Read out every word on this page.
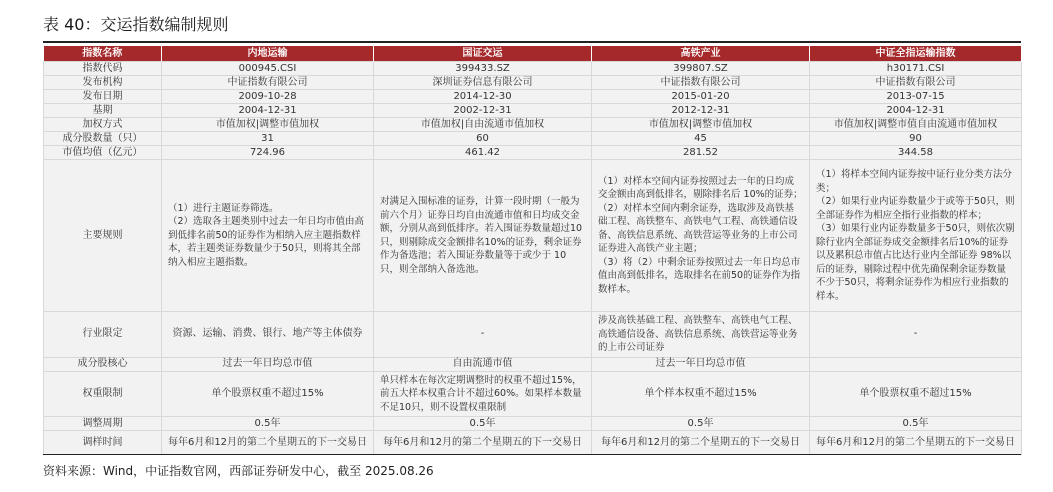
表 40：交运指数编制规则
指数名称	内地运输	国证交运	高铁产业	中证全指运输指数
指数代码	000945.CSI	399433.SZ	399807.SZ	h30171.CSI
发布机构	中证指数有限公司	深圳证券信息有限公司	中证指数有限公司	中证指数有限公司
发布日期	2009-10-28	2014-12-30	2015-01-20	2013-07-15
基期	2004-12-31	2002-12-31	2012-12-31	2004-12-31
加权方式	市值加权|调整市值加权	市值加权|自由流通市值加权	市值加权|调整市值加权	市值加权|调整市值自由流通市值加权
成分股数量（只）	31	60	45	90
市值均值（亿元）	724.96	461.42	281.52	344.58
主要规则	（1）进行主题证券筛选。
（2）选取各主题类别中过去一年日均市值由高到低排名前50的证券作为相纳入应主题指数样本，若主题类证券数量少于50只，则将其全部纳入相应主题指数。	对满足入围标准的证券，计算一段时期（一般为前六个月）证券日均自由流通市值和日均成交金额，分别从高到低排序。若入围证券数量超过10只，则剔除成交金额排名10%的证券，剩余证券作为备选池；若入围证券数量等于或少于 10 只，则全部纳入备选池。	（1）对样本空间内证券按照过去一年的日均成交金额由高到低排名，剔除排名后 10%的证券；
（2）对样本空间内剩余证券，选取涉及高铁基础工程、高铁整车、高铁电气工程、高铁通信设备、高铁信息系统、高铁营运等业务的上市公司证券进入高铁产业主题；
（3）将（2）中剩余证券按照过去一年日均总市值由高到低排名，选取排名在前50的证券作为指数样本。	（1）将样本空间内证券按中证行业分类方法分类；
（2）如果行业内证券数量少于或等于50只，则全部证券作为相应全指行业指数的样本；
（3）如果行业内证券数量多于50只，则依次剔除行业内全部证券成交金额排名后10%的证券以及累积总市值占比达行业内全部证券 98%以后的证券，剔除过程中优先确保剩余证券数量不少于50只，将剩余证券作为相应行业指数的样本。
行业限定	资源、运输、消费、银行、地产等主体债券	-	涉及高铁基础工程、高铁整车、高铁电气工程、高铁通信设备、高铁信息系统、高铁营运等业务的上市公司证券	-
成分股核心	过去一年日均总市值	自由流通市值	过去一年日均总市值	
权重限制	单个股票权重不超过15%	单只样本在每次定期调整时的权重不超过15%，前五大样本权重合计不超过60%。如果样本数量不足10只，则不设置权重限制	单个样本权重不超过15%	单个股票权重不超过15%
调整周期	0.5年	0.5年	0.5年	0.5年
调样时间	每年6月和12月的第二个星期五的下一交易日	每年6月和12月的第二个星期五的下一交易日	每年6月和12月的第二个星期五的下一交易日	每年6月和12月的第二个星期五的下一交易日
资料来源：Wind，中证指数官网，西部证券研发中心，截至 2025.08.26
